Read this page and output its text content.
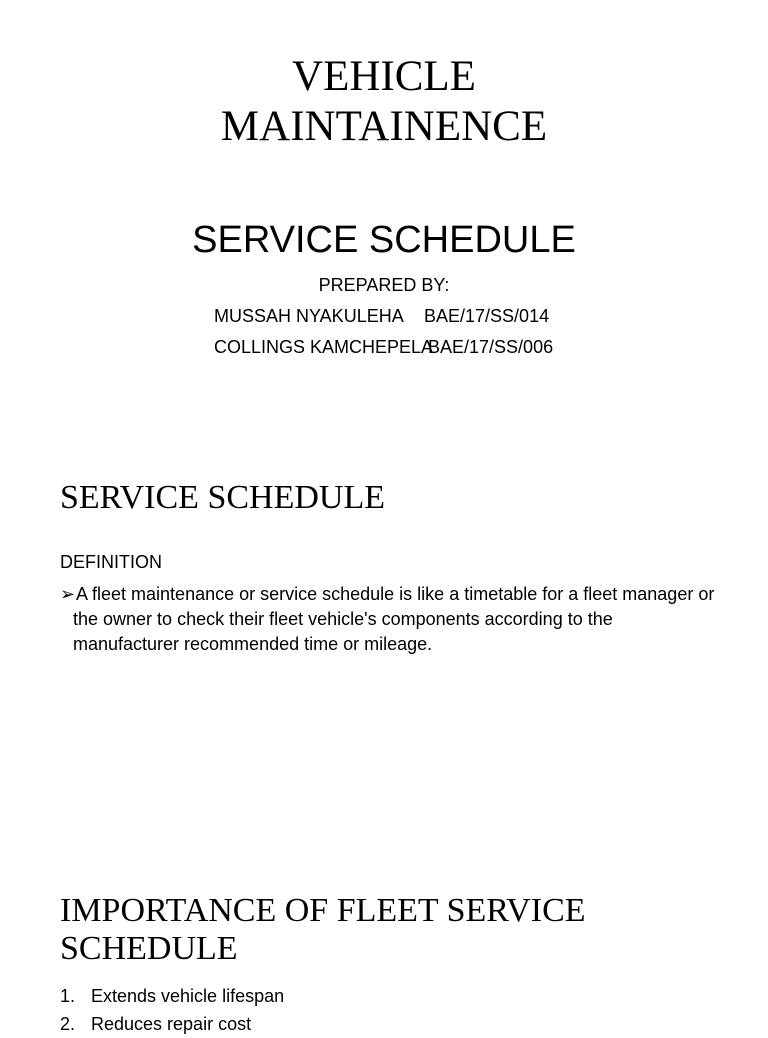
VEHICLE
MAINTAINENCE
SERVICE SCHEDULE
PREPARED BY:
MUSSAH NYAKULEHA BAE/17/SS/014
COLLINGS KAMCHEPELABAE/17/SS/006
SERVICE SCHEDULE
DEFINITION
➢ A fleet maintenance or service schedule is like a timetable for a fleet manager or the owner to check their fleet vehicle's components according to the manufacturer recommended time or mileage.
IMPORTANCE OF FLEET SERVICE SCHEDULE
1. Extends vehicle lifespan
2. Reduces repair cost
